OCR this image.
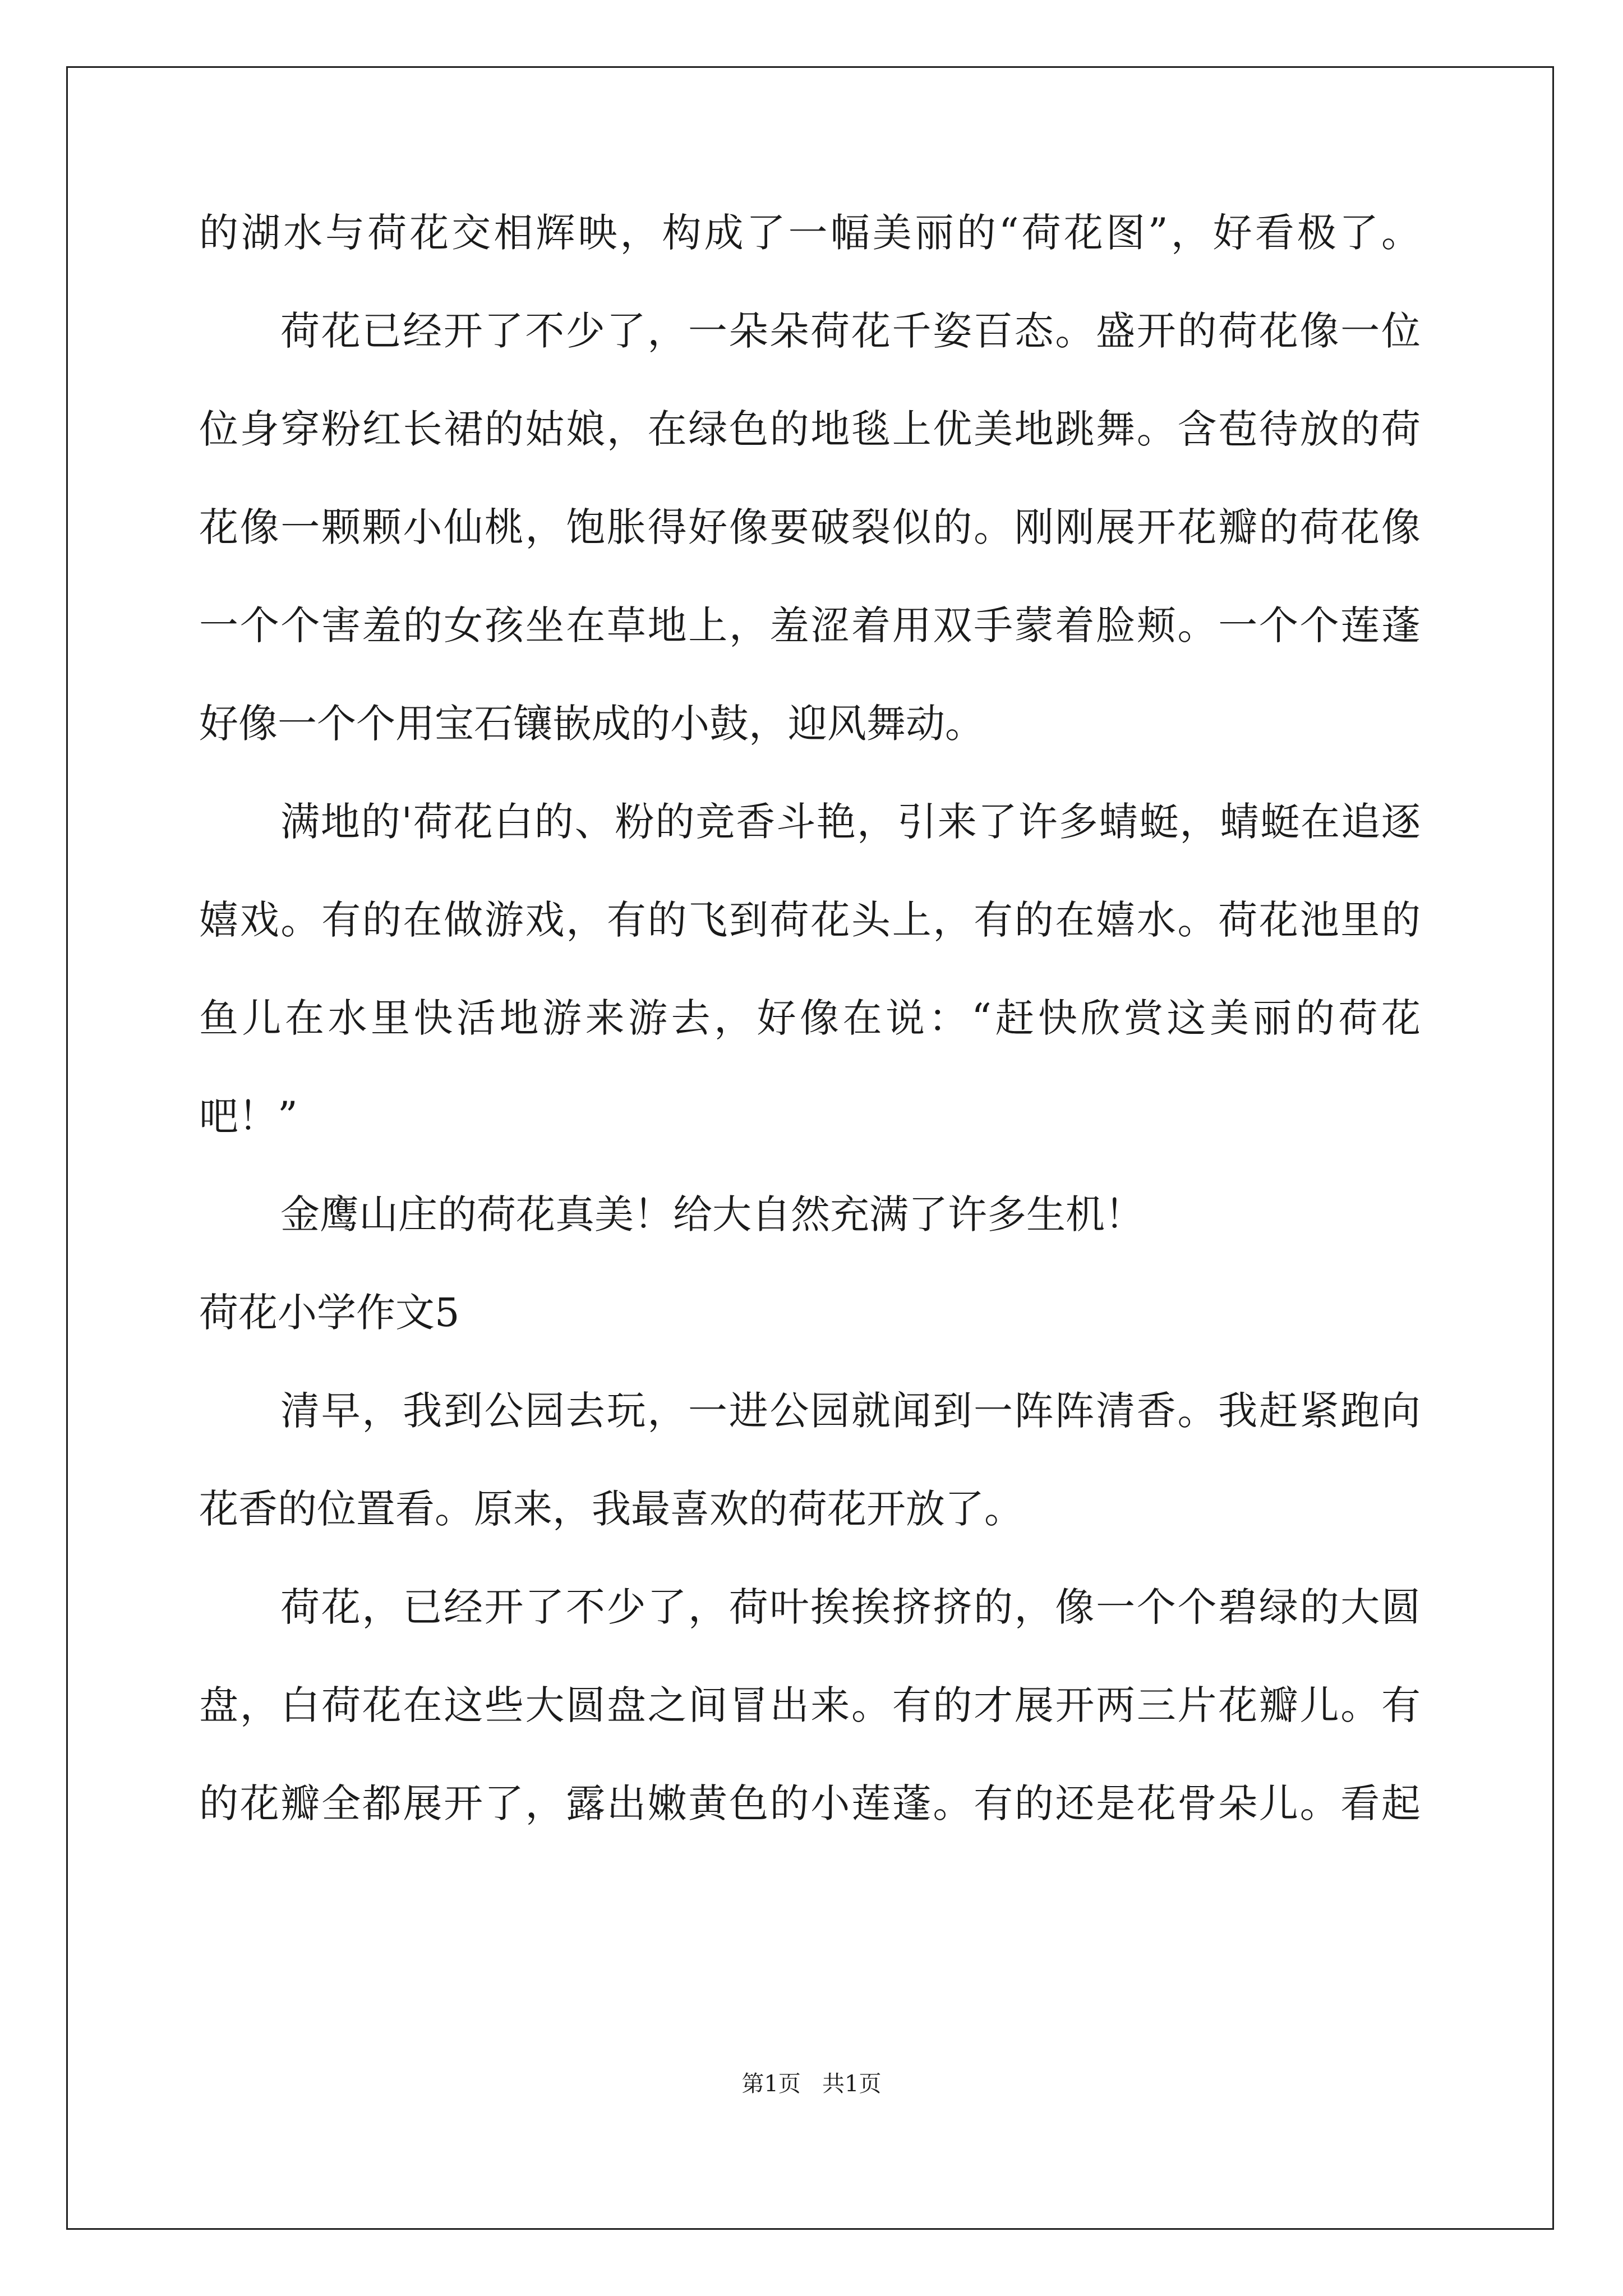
的湖水与荷花交相辉映，构成了一幅美丽的“荷花图”，好看极了。
荷花已经开了不少了，一朵朵荷花千姿百态。盛开的荷花像一位
位身穿粉红长裙的姑娘，在绿色的地毯上优美地跳舞。含苞待放的荷
花像一颗颗小仙桃，饱胀得好像要破裂似的。刚刚展开花瓣的荷花像
一个个害羞的女孩坐在草地上，羞涩着用双手蒙着脸颊。一个个莲蓬
好像一个个用宝石镶嵌成的小鼓，迎风舞动。
满地的'荷花白的、粉的竞香斗艳，引来了许多蜻蜓，蜻蜓在追逐
嬉戏。有的在做游戏，有的飞到荷花头上，有的在嬉水。荷花池里的
鱼儿在水里快活地游来游去，好像在说：“赶快欣赏这美丽的荷花
吧！”
金鹰山庄的荷花真美！给大自然充满了许多生机！
荷花小学作文5
清早，我到公园去玩，一进公园就闻到一阵阵清香。我赶紧跑向
花香的位置看。原来，我最喜欢的荷花开放了。
荷花，已经开了不少了，荷叶挨挨挤挤的，像一个个碧绿的大圆
盘，白荷花在这些大圆盘之间冒出来。有的才展开两三片花瓣儿。有
的花瓣全都展开了，露出嫩黄色的小莲蓬。有的还是花骨朵儿。看起
第1页   共1页
